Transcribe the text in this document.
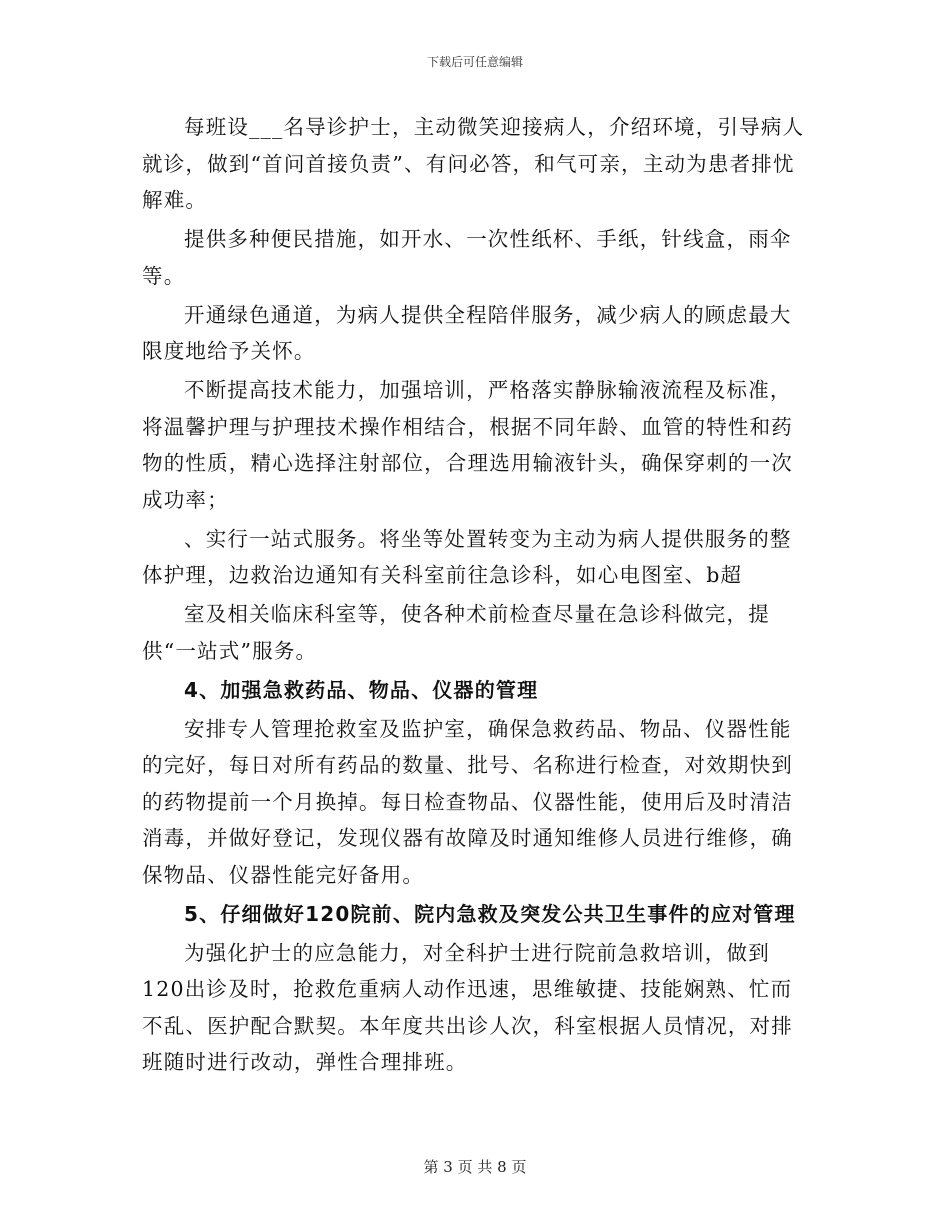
下载后可任意编辑

每班设___名导诊护士，主动微笑迎接病人，介绍环境，引导病人就诊，做到“首问首接负责”、有问必答，和气可亲，主动为患者排忧解难。

提供多种便民措施，如开水、一次性纸杯、手纸，针线盒，雨伞等。

开通绿色通道，为病人提供全程陪伴服务，减少病人的顾虑最大限度地给予关怀。

不断提高技术能力，加强培训，严格落实静脉输液流程及标准，将温馨护理与护理技术操作相结合，根据不同年龄、血管的特性和药物的性质，精心选择注射部位，合理选用输液针头，确保穿刺的一次成功率；

、实行一站式服务。将坐等处置转变为主动为病人提供服务的整体护理，边救治边通知有关科室前往急诊科，如心电图室、b超

室及相关临床科室等，使各种术前检查尽量在急诊科做完，提供“一站式”服务。

4、加强急救药品、物品、仪器的管理

安排专人管理抢救室及监护室，确保急救药品、物品、仪器性能的完好，每日对所有药品的数量、批号、名称进行检查，对效期快到的药物提前一个月换掉。每日检查物品、仪器性能，使用后及时清洁消毒，并做好登记，发现仪器有故障及时通知维修人员进行维修，确保物品、仪器性能完好备用。

5、仔细做好120院前、院内急救及突发公共卫生事件的应对管理

为强化护士的应急能力，对全科护士进行院前急救培训，做到120出诊及时，抢救危重病人动作迅速，思维敏捷、技能娴熟、忙而不乱、医护配合默契。本年度共出诊人次，科室根据人员情况，对排班随时进行改动，弹性合理排班。

第 3 页 共 8 页
